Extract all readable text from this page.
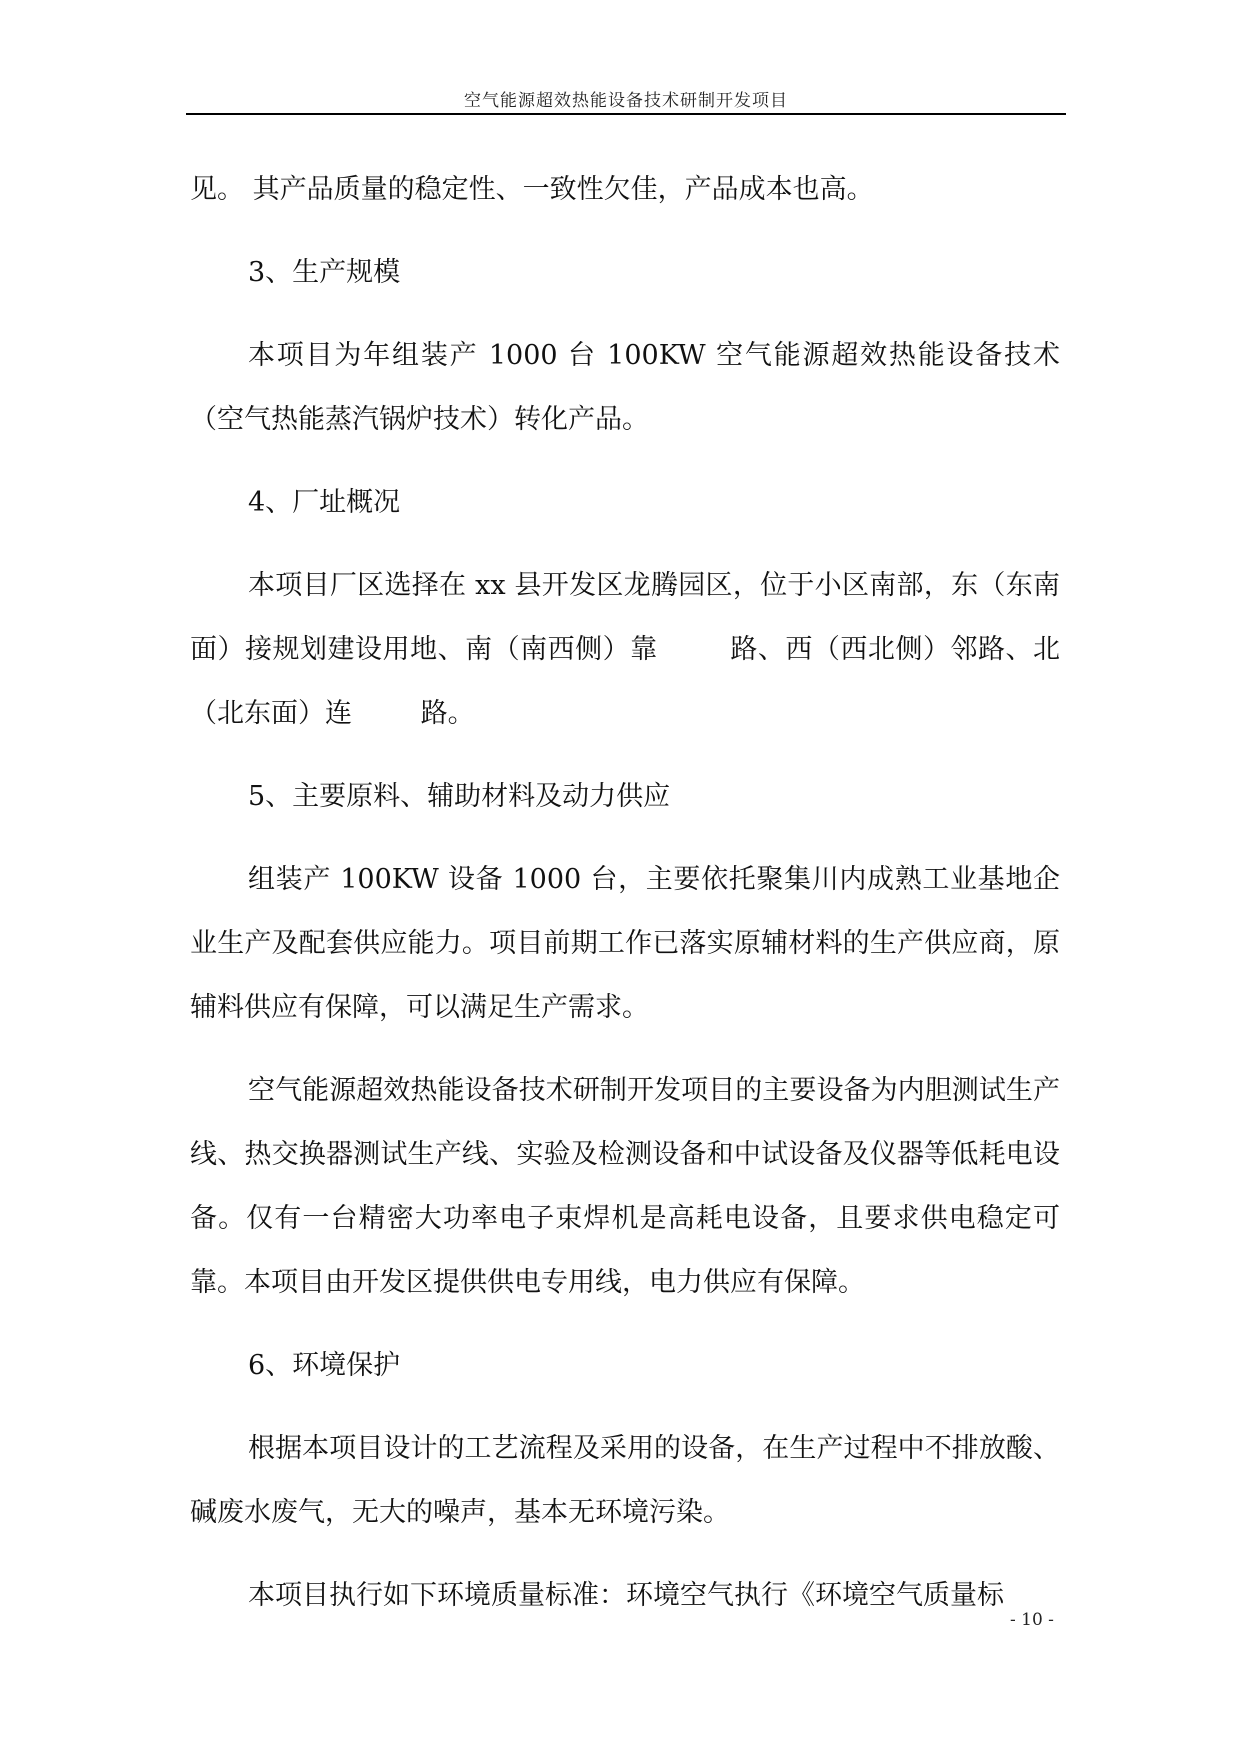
空气能源超效热能设备技术研制开发项目

见。 其产品质量的稳定性、一致性欠佳，产品成本也高。

3、生产规模

本项目为年组装产 1000 台 100KW 空气能源超效热能设备技术（空气热能蒸汽锅炉技术）转化产品。

4、厂址概况

本项目厂区选择在 xx 县开发区龙腾园区，位于小区南部，东（东南面）接规划建设用地、南（南西侧）靠        路、西（西北侧）邻路、北（北东面）连        路。

5、主要原料、辅助材料及动力供应

组装产 100KW 设备 1000 台，主要依托聚集川内成熟工业基地企业生产及配套供应能力。项目前期工作已落实原辅材料的生产供应商，原辅料供应有保障，可以满足生产需求。

空气能源超效热能设备技术研制开发项目的主要设备为内胆测试生产线、热交换器测试生产线、实验及检测设备和中试设备及仪器等低耗电设备。仅有一台精密大功率电子束焊机是高耗电设备，且要求供电稳定可靠。本项目由开发区提供供电专用线，电力供应有保障。

6、环境保护

根据本项目设计的工艺流程及采用的设备，在生产过程中不排放酸、碱废水废气，无大的噪声，基本无环境污染。

本项目执行如下环境质量标准：环境空气执行《环境空气质量标

- 10 -
